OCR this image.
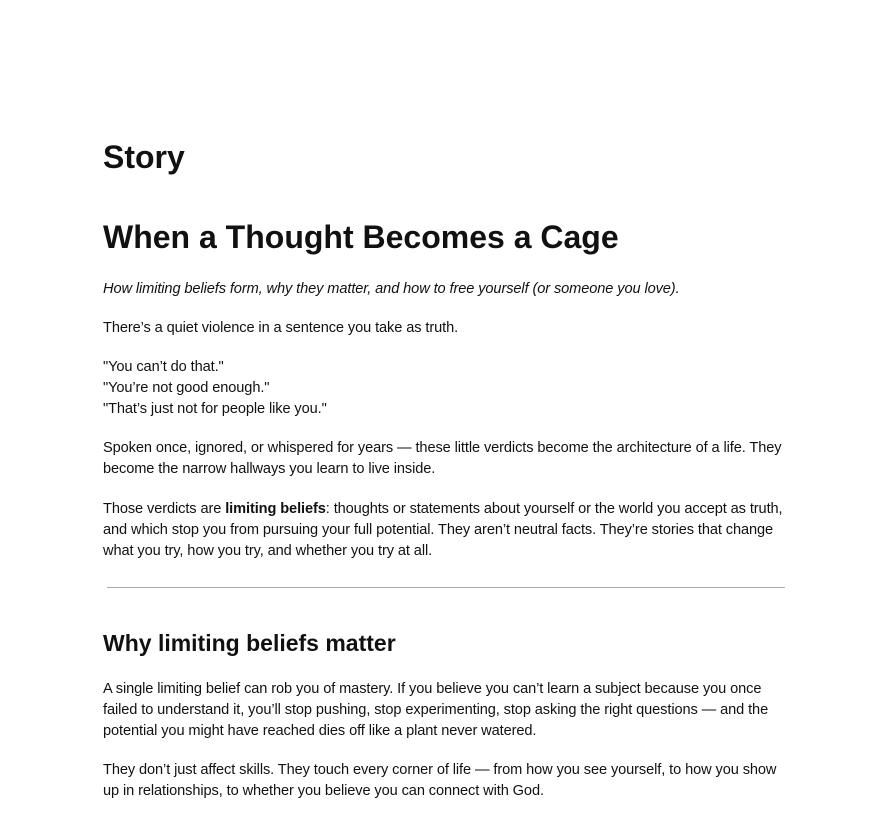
Story
When a Thought Becomes a Cage

How limiting beliefs form, why they matter, and how to free yourself (or someone you love).

There’s a quiet violence in a sentence you take as truth.

"You can’t do that."
"You’re not good enough."
"That’s just not for people like you."

Spoken once, ignored, or whispered for years — these little verdicts become the architecture of a life. They become the narrow hallways you learn to live inside.

Those verdicts are limiting beliefs: thoughts or statements about yourself or the world you accept as truth, and which stop you from pursuing your full potential. They aren’t neutral facts. They’re stories that change what you try, how you try, and whether you try at all.

Why limiting beliefs matter

A single limiting belief can rob you of mastery. If you believe you can’t learn a subject because you once failed to understand it, you’ll stop pushing, stop experimenting, stop asking the right questions — and the potential you might have reached dies off like a plant never watered.

They don’t just affect skills. They touch every corner of life — from how you see yourself, to how you show up in relationships, to whether you believe you can connect with God.
